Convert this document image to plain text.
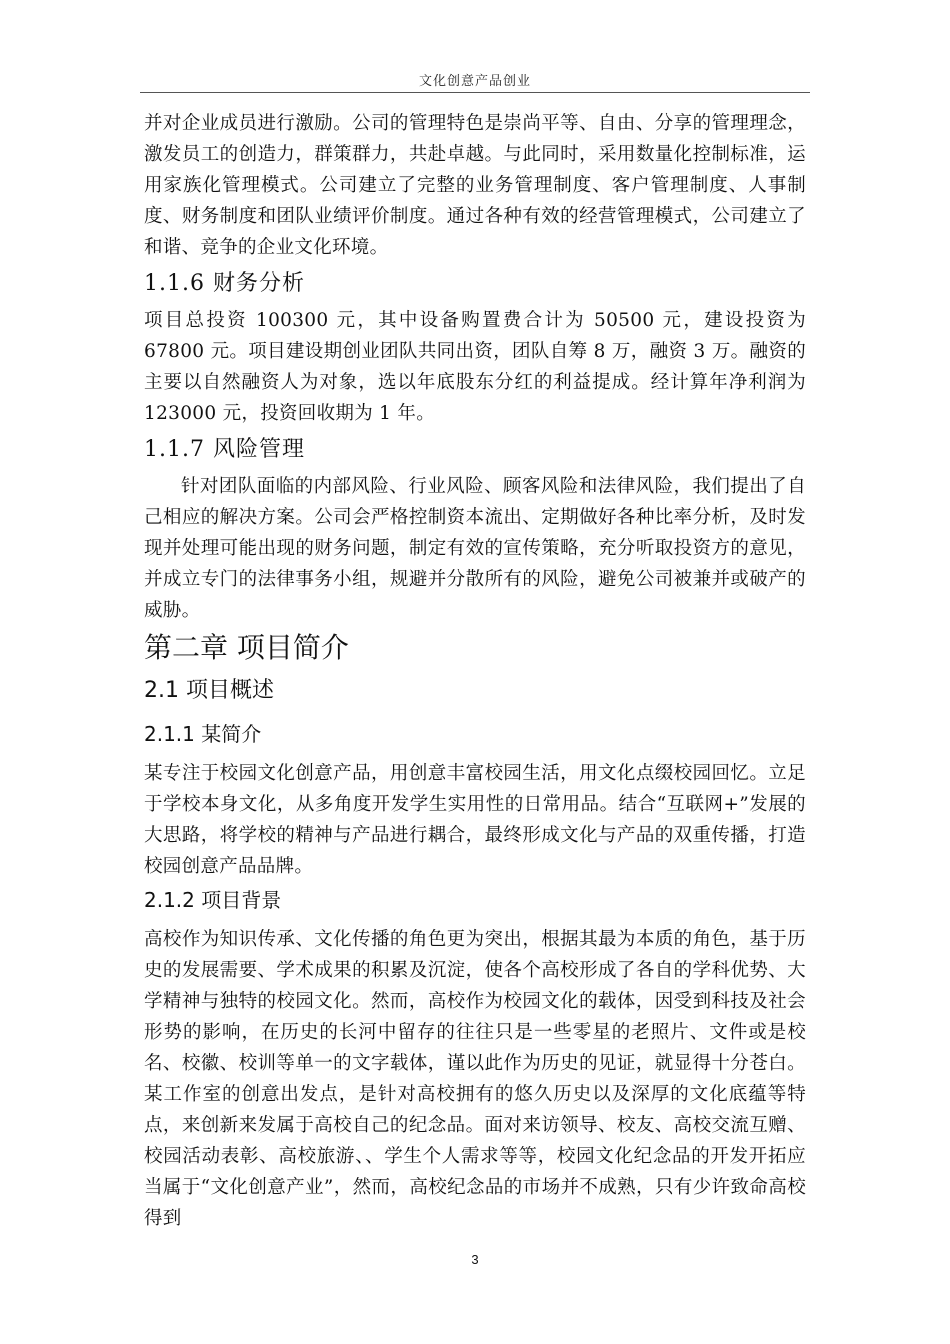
文化创意产品创业

并对企业成员进行激励。公司的管理特色是崇尚平等、自由、分享的管理理念，激发员工的创造力，群策群力，共赴卓越。与此同时，采用数量化控制标准，运用家族化管理模式。公司建立了完整的业务管理制度、客户管理制度、人事制度、财务制度和团队业绩评价制度。通过各种有效的经营管理模式，公司建立了和谐、竞争的企业文化环境。

1.1.6 财务分析

项目总投资 100300 元，其中设备购置费合计为 50500 元，建设投资为 67800 元。项目建设期创业团队共同出资，团队自筹 8 万，融资 3 万。融资的主要以自然融资人为对象，选以年底股东分红的利益提成。经计算年净利润为 123000 元，投资回收期为 1 年。

1.1.7 风险管理

针对团队面临的内部风险、行业风险、顾客风险和法律风险，我们提出了自己相应的解决方案。公司会严格控制资本流出、定期做好各种比率分析，及时发现并处理可能出现的财务问题，制定有效的宣传策略，充分听取投资方的意见，并成立专门的法律事务小组，规避并分散所有的风险，避免公司被兼并或破产的威胁。

第二章 项目简介
2.1 项目概述
2.1.1 某简介

某专注于校园文化创意产品，用创意丰富校园生活，用文化点缀校园回忆。立足于学校本身文化，从多角度开发学生实用性的日常用品。结合“互联网+”发展的大思路，将学校的精神与产品进行耦合，最终形成文化与产品的双重传播，打造校园创意产品品牌。

2.1.2 项目背景

高校作为知识传承、文化传播的角色更为突出，根据其最为本质的角色，基于历史的发展需要、学术成果的积累及沉淀，使各个高校形成了各自的学科优势、大学精神与独特的校园文化。然而，高校作为校园文化的载体，因受到科技及社会形势的影响，在历史的长河中留存的往往只是一些零星的老照片、文件或是校名、校徽、校训等单一的文字载体，谨以此作为历史的见证，就显得十分苍白。某工作室的创意出发点，是针对高校拥有的悠久历史以及深厚的文化底蕴等特点，来创新来发属于高校自己的纪念品。面对来访领导、校友、高校交流互赠、校园活动表彰、高校旅游、、学生个人需求等等，校园文化纪念品的开发开拓应当属于“文化创意产业”，然而，高校纪念品的市场并不成熟，只有少许致命高校得到

3
